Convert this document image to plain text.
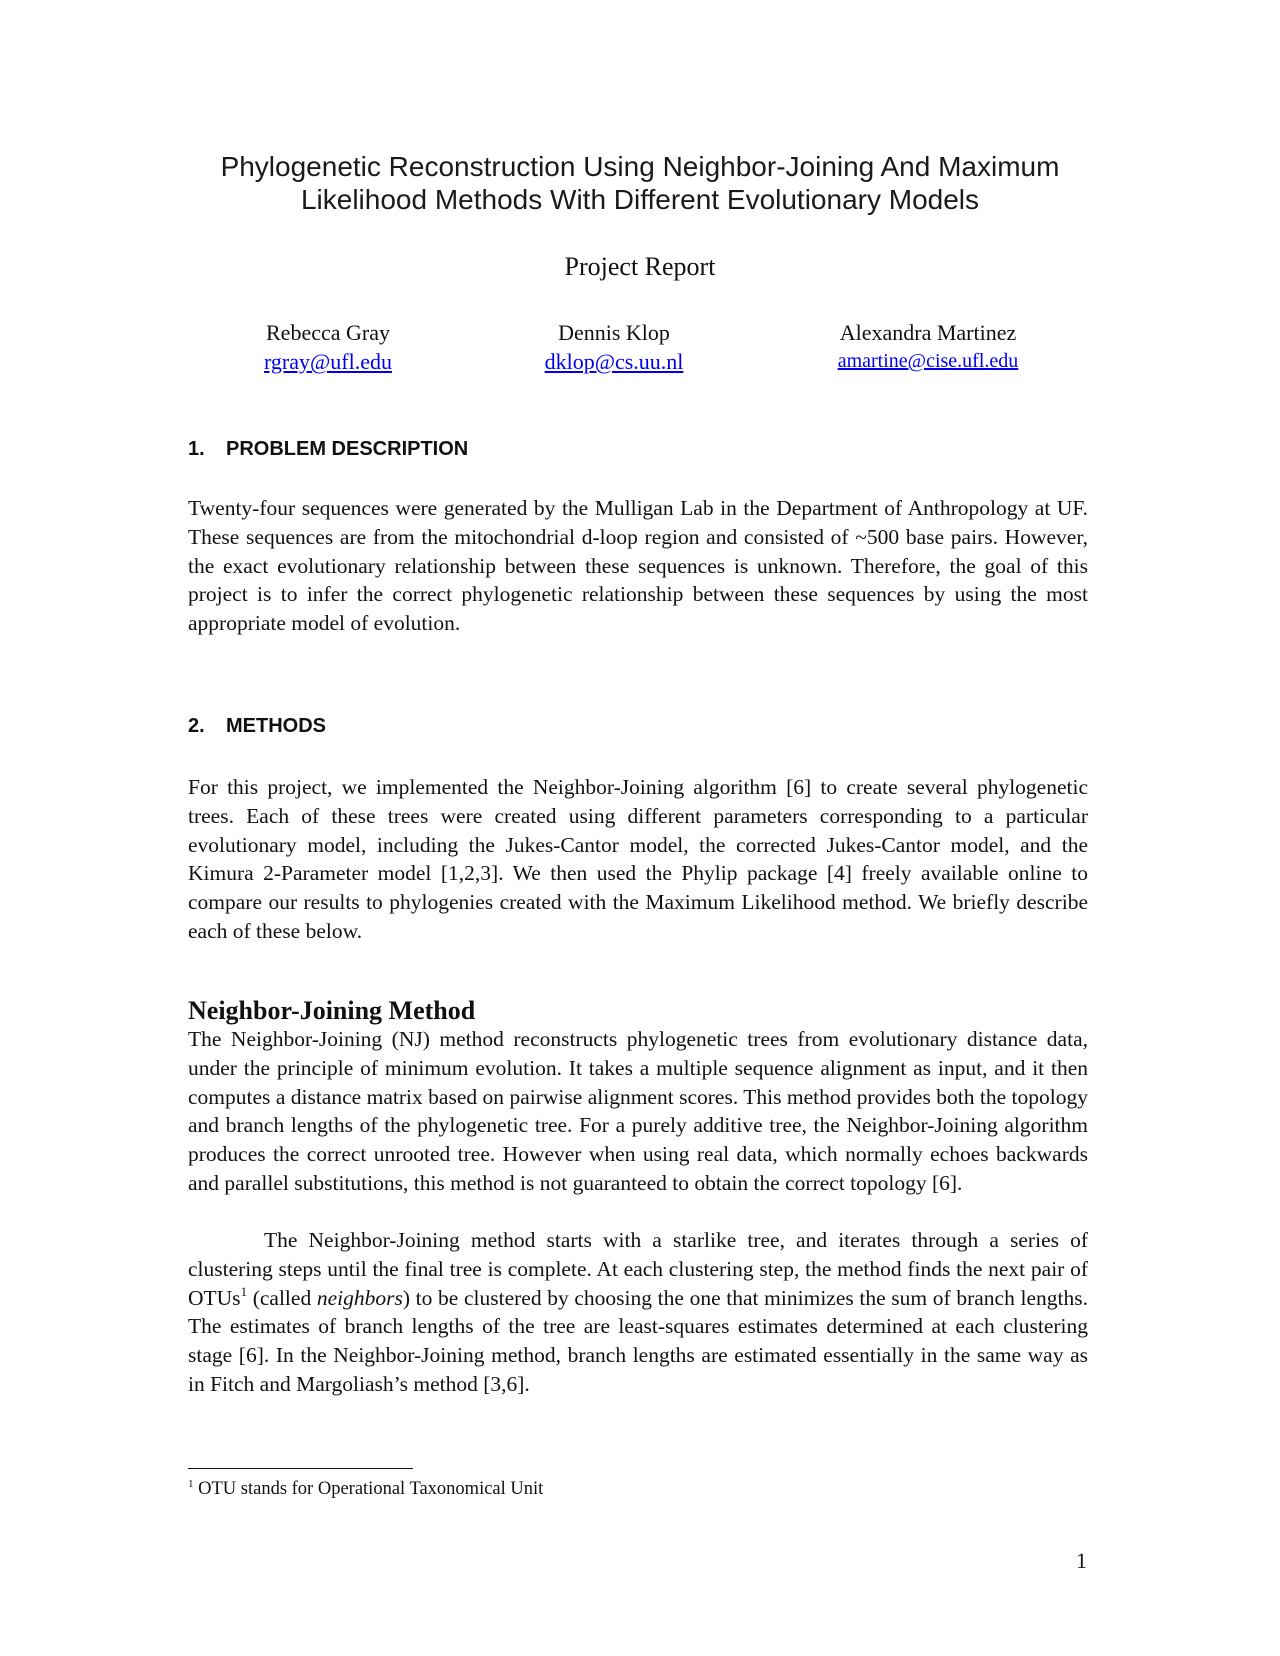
Phylogenetic Reconstruction Using Neighbor-Joining And Maximum
Likelihood Methods With Different Evolutionary Models
Project Report
Rebecca Gray
rgray@ufl.edu
Dennis Klop
dklop@cs.uu.nl
Alexandra Martinez
amartine@cise.ufl.edu
1. PROBLEM DESCRIPTION

Twenty-four sequences were generated by the Mulligan Lab in the Department of Anthropology at UF. These sequences are from the mitochondrial d-loop region and consisted of ~500 base pairs. However, the exact evolutionary relationship between these sequences is unknown. Therefore, the goal of this project is to infer the correct phylogenetic relationship between these sequences by using the most appropriate model of evolution.

2. METHODS

For this project, we implemented the Neighbor-Joining algorithm [6] to create several phylogenetic trees. Each of these trees were created using different parameters corresponding to a particular evolutionary model, including the Jukes-Cantor model, the corrected Jukes-Cantor model, and the Kimura 2-Parameter model [1,2,3]. We then used the Phylip package [4] freely available online to compare our results to phylogenies created with the Maximum Likelihood method. We briefly describe each of these below.

Neighbor-Joining Method

The Neighbor-Joining (NJ) method reconstructs phylogenetic trees from evolutionary distance data, under the principle of minimum evolution. It takes a multiple sequence alignment as input, and it then computes a distance matrix based on pairwise alignment scores. This method provides both the topology and branch lengths of the phylogenetic tree. For a purely additive tree, the Neighbor-Joining algorithm produces the correct unrooted tree. However when using real data, which normally echoes backwards and parallel substitutions, this method is not guaranteed to obtain the correct topology [6].

The Neighbor-Joining method starts with a starlike tree, and iterates through a series of clustering steps until the final tree is complete. At each clustering step, the method finds the next pair of OTUs$^1$ (called neighbors) to be clustered by choosing the one that minimizes the sum of branch lengths. The estimates of branch lengths of the tree are least-squares estimates determined at each clustering stage [6]. In the Neighbor-Joining method, branch lengths are estimated essentially in the same way as in Fitch and Margoliash’s method [3,6].

$^1$ OTU stands for Operational Taxonomical Unit
1
